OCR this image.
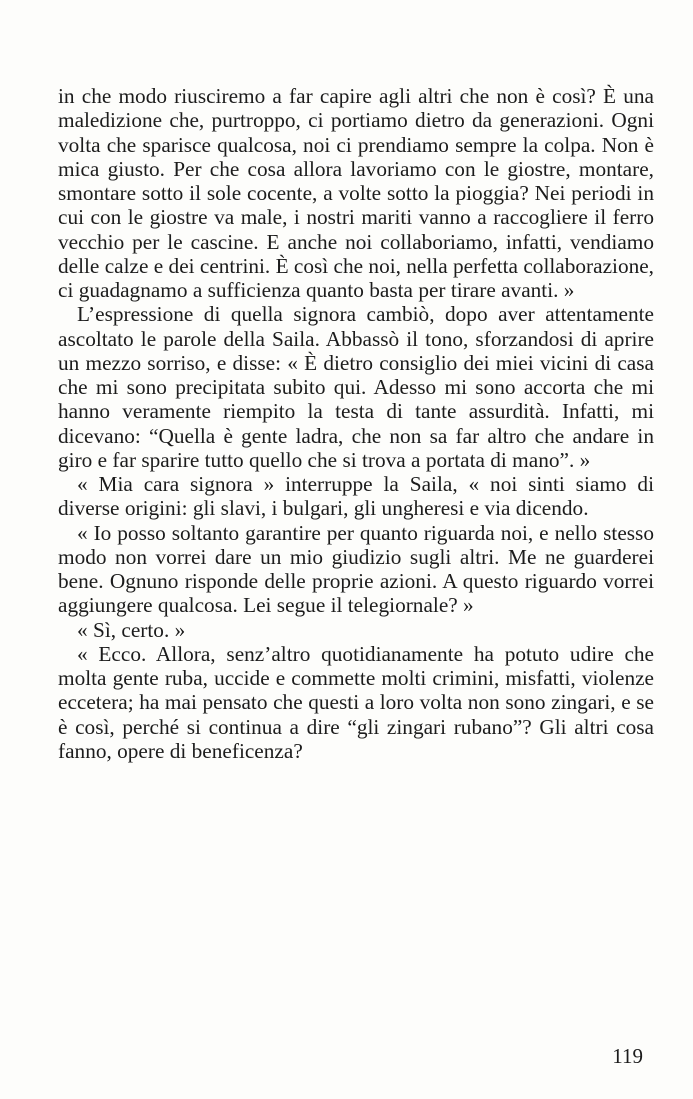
in che modo riusciremo a far capire agli altri che non è così? È una maledizione che, purtroppo, ci portiamo dietro da generazioni. Ogni volta che sparisce qualcosa, noi ci prendiamo sempre la colpa. Non è mica giusto. Per che cosa allora lavoriamo con le giostre, montare, smontare sotto il sole cocente, a volte sotto la pioggia? Nei periodi in cui con le giostre va male, i nostri mariti vanno a raccogliere il ferro vecchio per le cascine. E anche noi collaboriamo, infatti, vendiamo delle calze e dei centrini. È così che noi, nella perfetta collaborazione, ci guadagnamo a sufficienza quanto basta per tirare avanti. »

L’espressione di quella signora cambiò, dopo aver attentamente ascoltato le parole della Saila. Abbassò il tono, sforzandosi di aprire un mezzo sorriso, e disse: « È dietro consiglio dei miei vicini di casa che mi sono precipitata subito qui. Adesso mi sono accorta che mi hanno veramente riempito la testa di tante assurdità. Infatti, mi dicevano: “Quella è gente ladra, che non sa far altro che andare in giro e far sparire tutto quello che si trova a portata di mano”. »

« Mia cara signora » interruppe la Saila, « noi sinti siamo di diverse origini: gli slavi, i bulgari, gli ungheresi e via dicendo.

« Io posso soltanto garantire per quanto riguarda noi, e nello stesso modo non vorrei dare un mio giudizio sugli altri. Me ne guarderei bene. Ognuno risponde delle proprie azioni. A questo riguardo vorrei aggiungere qualcosa. Lei segue il telegiornale? »

« Sì, certo. »

« Ecco. Allora, senz’altro quotidianamente ha potuto udire che molta gente ruba, uccide e commette molti crimini, misfatti, violenze eccetera; ha mai pensato che questi a loro volta non sono zingari, e se è così, perché si continua a dire “gli zingari rubano”? Gli altri cosa fanno, opere di beneficenza?

119
